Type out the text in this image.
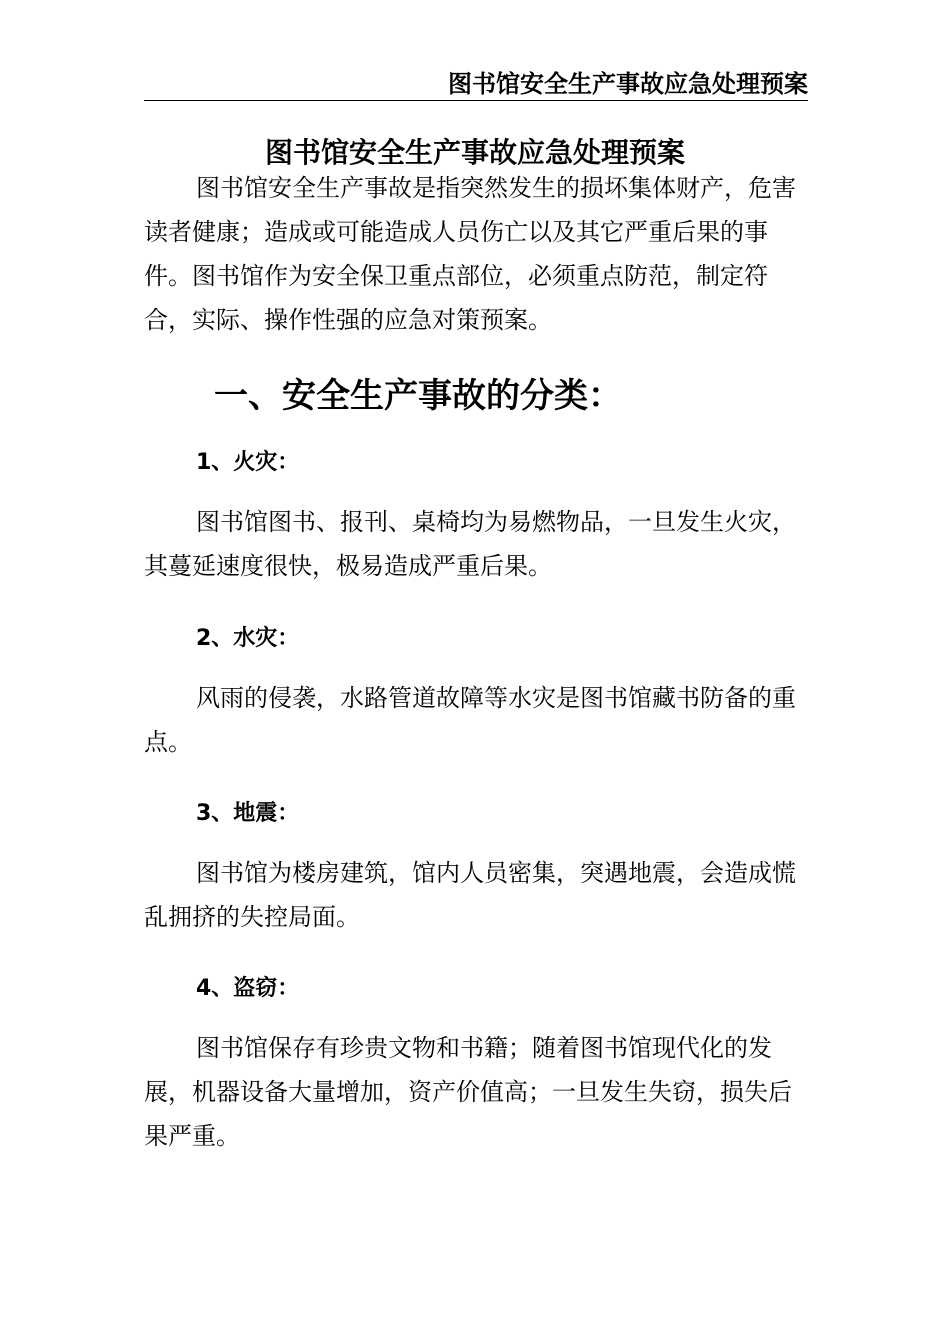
图书馆安全生产事故应急处理预案
图书馆安全生产事故应急处理预案
图书馆安全生产事故是指突然发生的损坏集体财产，危害读者健康；造成或可能造成人员伤亡以及其它严重后果的事件。图书馆作为安全保卫重点部位，必须重点防范，制定符合，实际、操作性强的应急对策预案。
一、安全生产事故的分类：
1、火灾：
图书馆图书、报刊、桌椅均为易燃物品，一旦发生火灾，其蔓延速度很快，极易造成严重后果。
2、水灾：
风雨的侵袭，水路管道故障等水灾是图书馆藏书防备的重点。
3、地震：
图书馆为楼房建筑，馆内人员密集，突遇地震，会造成慌乱拥挤的失控局面。
4、盗窃：
图书馆保存有珍贵文物和书籍；随着图书馆现代化的发展，机器设备大量增加，资产价值高；一旦发生失窃，损失后果严重。
